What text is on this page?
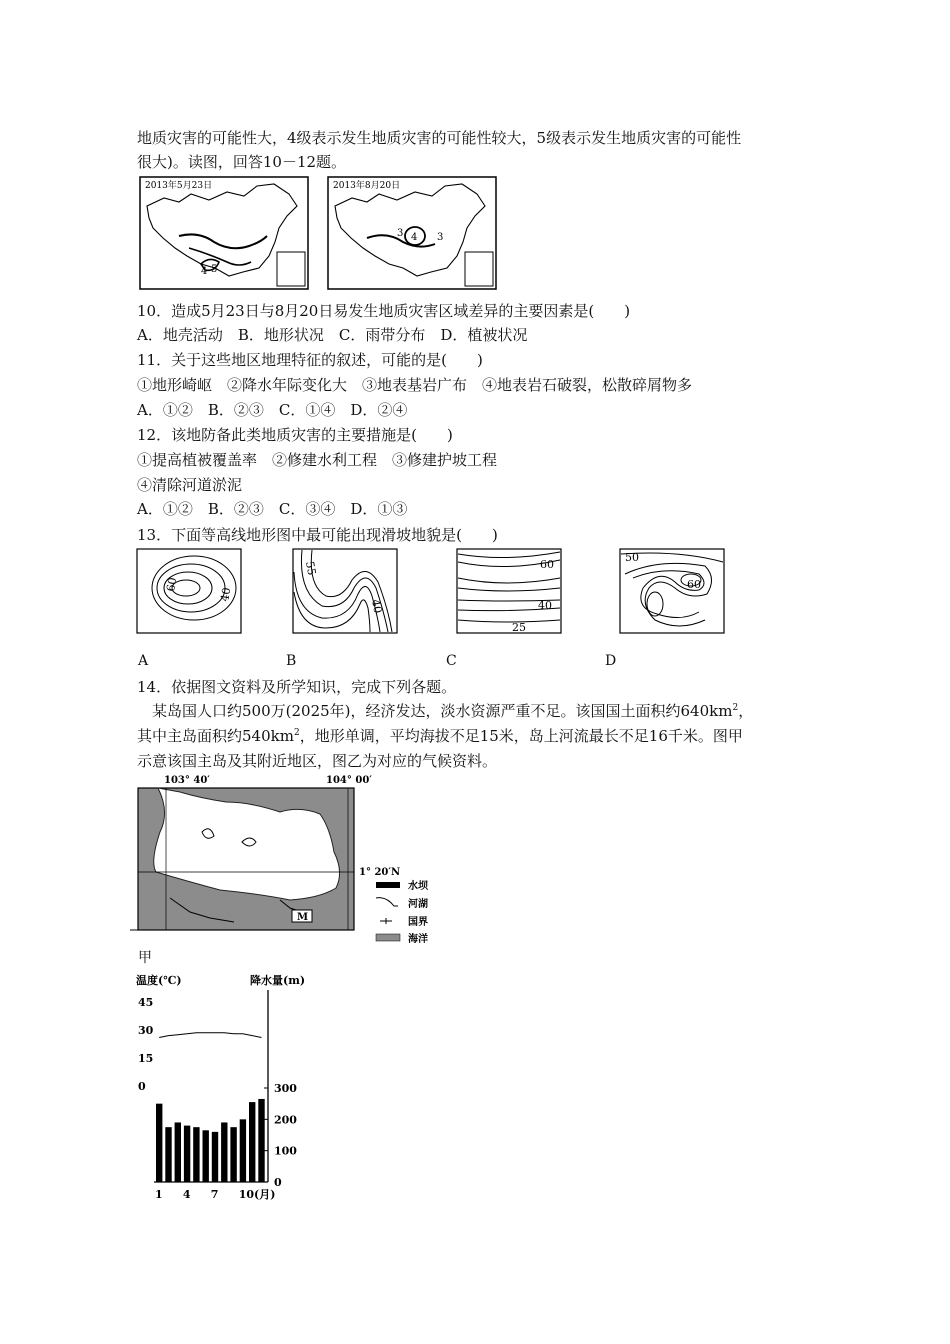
地质灾害的可能性大，4级表示发生地质灾害的可能性较大，5级表示发生地质灾害的可能性
很大)。读图，回答10－12题。
2013年5月23日
4 5
2013年8月20日
4
3	3
10．造成5月23日与8月20日易发生地质灾害区域差异的主要因素是(　　)
A．地壳活动　B．地形状况　C．雨带分布　D．植被状况
11．关于这些地区地理特征的叙述，可能的是(　　)
①地形崎岖　②降水年际变化大　③地表基岩广布　④地表岩石破裂，松散碎屑物多
A．①②　B．②③　C．①④　D．②④
12．该地防备此类地质灾害的主要措施是(　　)
①提高植被覆盖率　②修建水利工程　③修建护坡工程
④清除河道淤泥
A．①②　B．②③　C．③④　D．①③
13．下面等高线地形图中最可能出现滑坡地貌是(　　)
60
40
55
40
60
40
25
50
60
A	B	C	D
14．依据图文资料及所学知识，完成下列各题。
　某岛国人口约500万(2025年)，经济发达，淡水资源严重不足。该国国土面积约$640km^2$，
其中主岛面积约$540km^2$，地形单调，平均海拔不足15米，岛上河流最长不足16千米。图甲
示意该国主岛及其附近地区，图乙为对应的气候资料。
103° 40′	104° 00′
M
1° 20′N
水坝
河湖
国界
海洋
甲
温度(℃)	降水量(m)
45
30
15
0	300
200
100
0
1 4 7 10(月)
